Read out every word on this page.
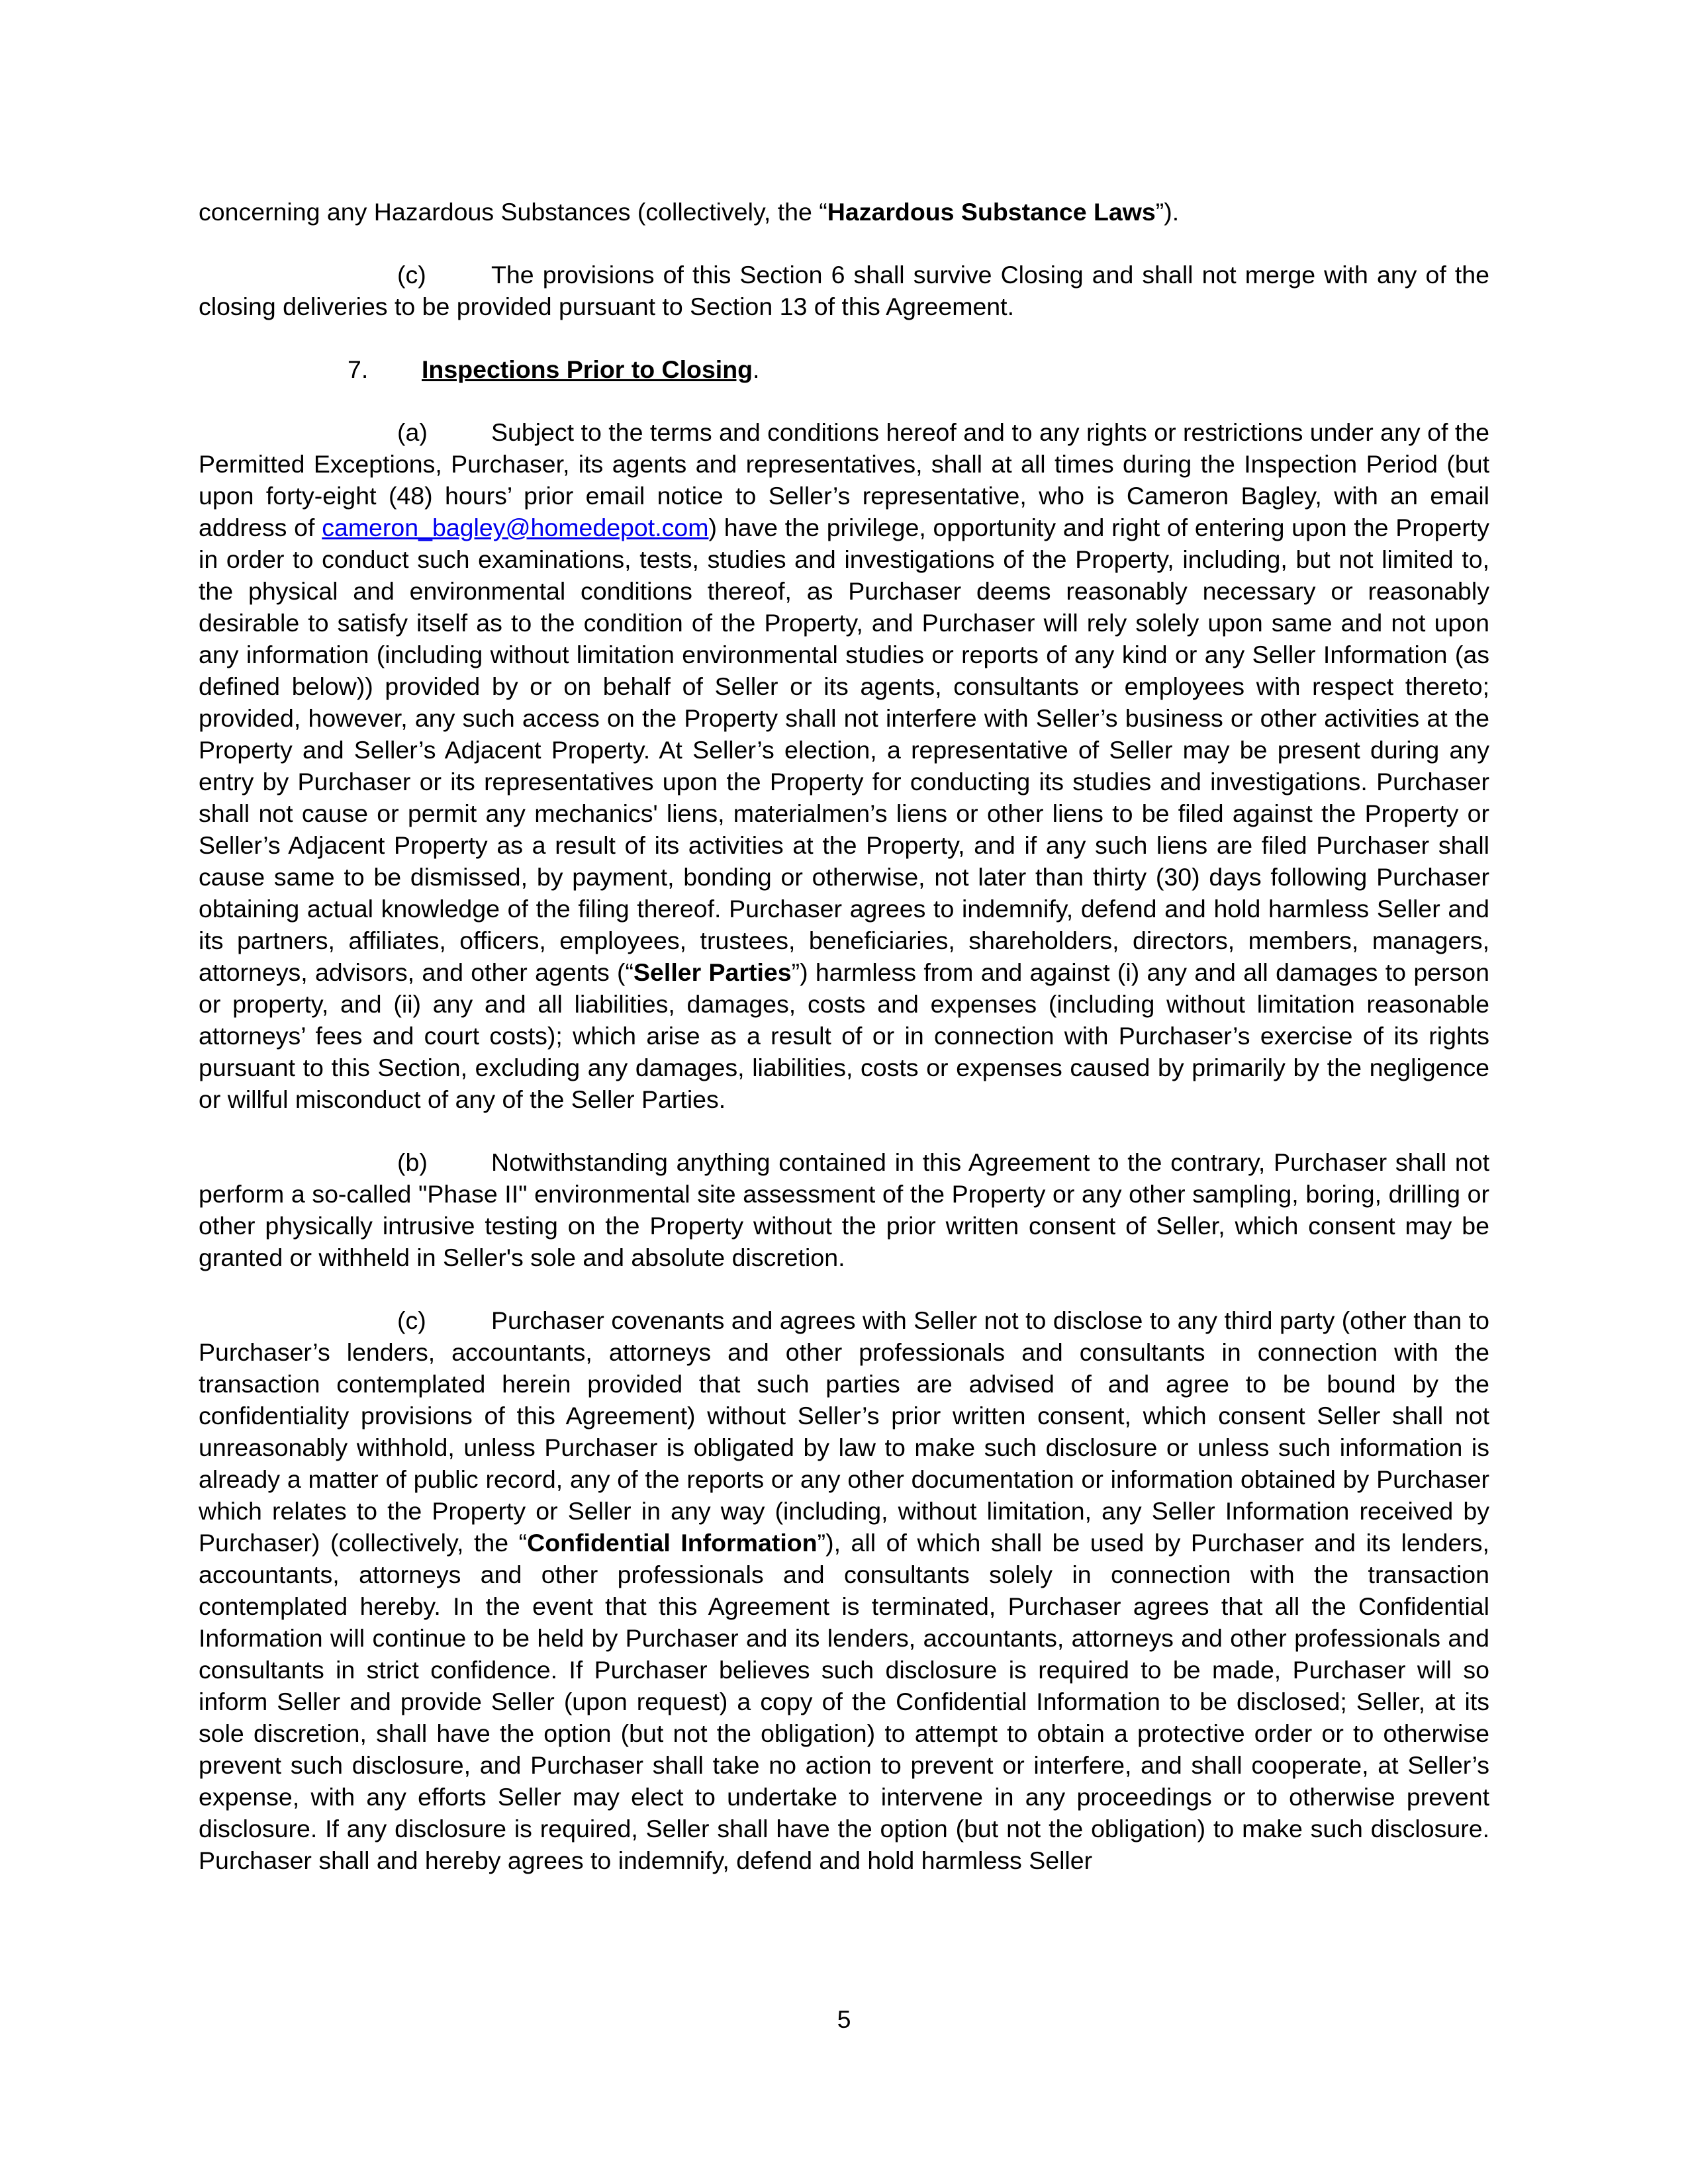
concerning any Hazardous Substances (collectively, the “Hazardous Substance Laws”).

(c)	The provisions of this Section 6 shall survive Closing and shall not merge with any of the closing deliveries to be provided pursuant to Section 13 of this Agreement.

7. Inspections Prior to Closing.

(a)	Subject to the terms and conditions hereof and to any rights or restrictions under any of the Permitted Exceptions, Purchaser, its agents and representatives, shall at all times during the Inspection Period (but upon forty-eight (48) hours’ prior email notice to Seller’s representative, who is Cameron Bagley, with an email address of cameron_bagley@homedepot.com) have the privilege, opportunity and right of entering upon the Property in order to conduct such examinations, tests, studies and investigations of the Property, including, but not limited to, the physical and environmental conditions thereof, as Purchaser deems reasonably necessary or reasonably desirable to satisfy itself as to the condition of the Property, and Purchaser will rely solely upon same and not upon any information (including without limitation environmental studies or reports of any kind or any Seller Information (as defined below)) provided by or on behalf of Seller or its agents, consultants or employees with respect thereto; provided, however, any such access on the Property shall not interfere with Seller’s business or other activities at the Property and Seller’s Adjacent Property. At Seller’s election, a representative of Seller may be present during any entry by Purchaser or its representatives upon the Property for conducting its studies and investigations. Purchaser shall not cause or permit any mechanics' liens, materialmen’s liens or other liens to be filed against the Property or Seller’s Adjacent Property as a result of its activities at the Property, and if any such liens are filed Purchaser shall cause same to be dismissed, by payment, bonding or otherwise, not later than thirty (30) days following Purchaser obtaining actual knowledge of the filing thereof. Purchaser agrees to indemnify, defend and hold harmless Seller and its partners, affiliates, officers, employees, trustees, beneficiaries, shareholders, directors, members, managers, attorneys, advisors, and other agents (“Seller Parties”) harmless from and against (i) any and all damages to person or property, and (ii) any and all liabilities, damages, costs and expenses (including without limitation reasonable attorneys’ fees and court costs); which arise as a result of or in connection with Purchaser’s exercise of its rights pursuant to this Section, excluding any damages, liabilities, costs or expenses caused by primarily by the negligence or willful misconduct of any of the Seller Parties.

(b)	Notwithstanding anything contained in this Agreement to the contrary, Purchaser shall not perform a so-called "Phase II" environmental site assessment of the Property or any other sampling, boring, drilling or other physically intrusive testing on the Property without the prior written consent of Seller, which consent may be granted or withheld in Seller's sole and absolute discretion.

(c)	Purchaser covenants and agrees with Seller not to disclose to any third party (other than to Purchaser’s lenders, accountants, attorneys and other professionals and consultants in connection with the transaction contemplated herein provided that such parties are advised of and agree to be bound by the confidentiality provisions of this Agreement) without Seller’s prior written consent, which consent Seller shall not unreasonably withhold, unless Purchaser is obligated by law to make such disclosure or unless such information is already a matter of public record, any of the reports or any other documentation or information obtained by Purchaser which relates to the Property or Seller in any way (including, without limitation, any Seller Information received by Purchaser) (collectively, the “Confidential Information”), all of which shall be used by Purchaser and its lenders, accountants, attorneys and other professionals and consultants solely in connection with the transaction contemplated hereby. In the event that this Agreement is terminated, Purchaser agrees that all the Confidential Information will continue to be held by Purchaser and its lenders, accountants, attorneys and other professionals and consultants in strict confidence. If Purchaser believes such disclosure is required to be made, Purchaser will so inform Seller and provide Seller (upon request) a copy of the Confidential Information to be disclosed; Seller, at its sole discretion, shall have the option (but not the obligation) to attempt to obtain a protective order or to otherwise prevent such disclosure, and Purchaser shall take no action to prevent or interfere, and shall cooperate, at Seller’s expense, with any efforts Seller may elect to undertake to intervene in any proceedings or to otherwise prevent disclosure. If any disclosure is required, Seller shall have the option (but not the obligation) to make such disclosure. Purchaser shall and hereby agrees to indemnify, defend and hold harmless Seller

5
